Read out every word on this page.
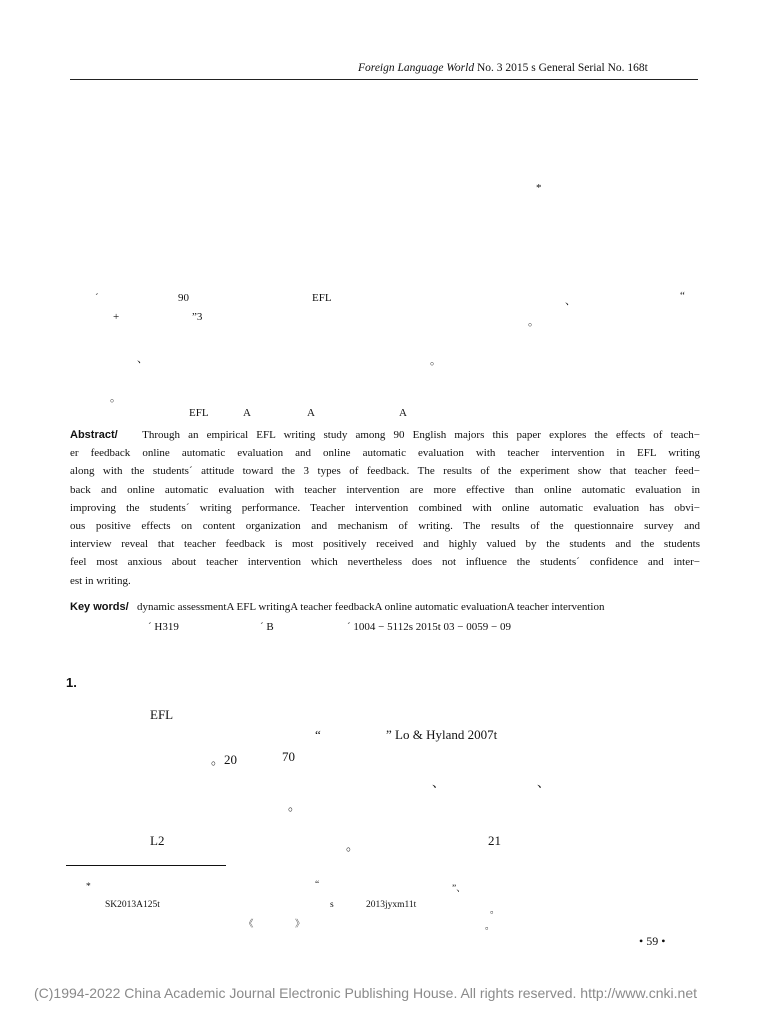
Foreign Language World No. 3 2015 s General Serial No. 168t
*
´	90	EFL	、	“
+	”3	。
、	。
。
EFL	A	A	A
Abstract/ Through an empirical EFL writing study among 90 English majors this paper explores the effects of teach−
er feedback online automatic evaluation and online automatic evaluation with teacher intervention in EFL writing
along with the students´ attitude toward the 3 types of feedback. The results of the experiment show that teacher feed−
back and online automatic evaluation with teacher intervention are more effective than online automatic evaluation in
improving the students´ writing performance. Teacher intervention combined with online automatic evaluation has obvi−
ous positive effects on content organization and mechanism of writing. The results of the questionnaire survey and
interview reveal that teacher feedback is most positively received and highly valued by the students and the students
feel most anxious about teacher intervention which nevertheless does not influence the students´ confidence and inter−
est in writing.
Key words/ dynamic assessmentA EFL writingA teacher feedbackA online automatic evaluationA teacher intervention
´ H319	´ B	´ 1004 − 5112s 2015t 03 − 0059 − 09
1.
EFL
“	” Lo & Hyland 2007t
。20	70
、	、
。
L2	。	21
*	“	”、
SK2013A125t	s	2013jyxm11t
。
《	》	。
• 59 •
(C)1994-2022 China Academic Journal Electronic Publishing House. All rights reserved. http://www.cnki.net
